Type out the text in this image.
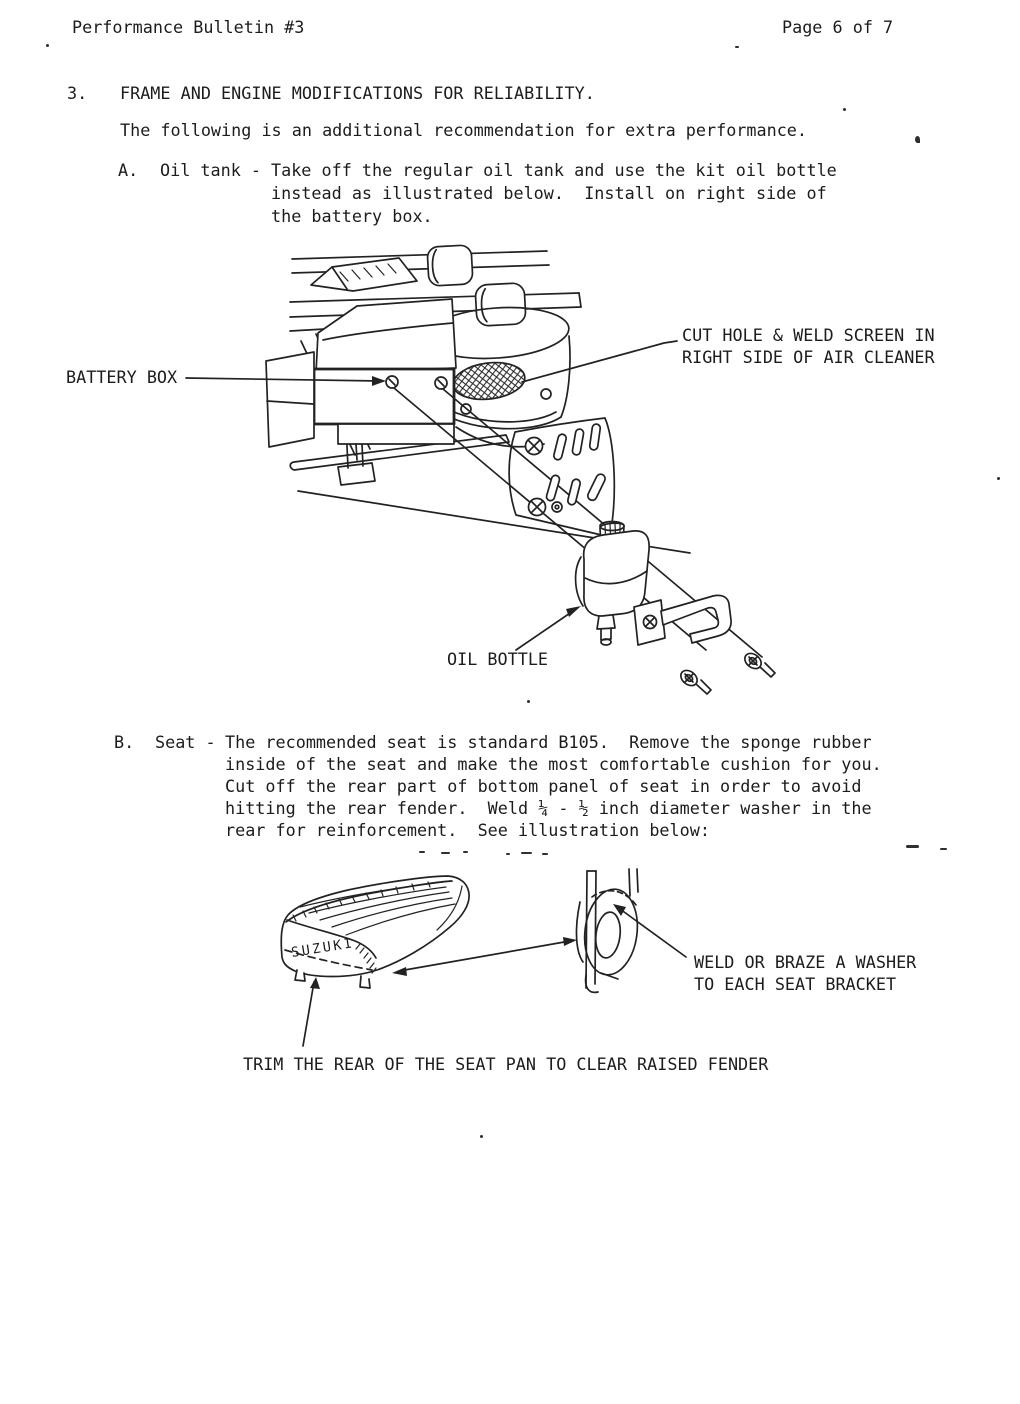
Performance Bulletin #3	Page 6 of 7
3. FRAME AND ENGINE MODIFICATIONS FOR RELIABILITY.
The following is an additional recommendation for extra performance.
A. Oil tank - Take off the regular oil tank and use the kit oil bottle
instead as illustrated below.  Install on right side of
the battery box.
BATTERY BOX
CUT HOLE & WELD SCREEN IN
RIGHT SIDE OF AIR CLEANER
OIL BOTTLE
B. Seat - The recommended seat is standard B105.  Remove the sponge rubber
inside of the seat and make the most comfortable cushion for you.
Cut off the rear part of bottom panel of seat in order to avoid
hitting the rear fender.  Weld ¼ - ½ inch diameter washer in the
rear for reinforcement.  See illustration below:
SUZUKI
WELD OR BRAZE A WASHER
TO EACH SEAT BRACKET
TRIM THE REAR OF THE SEAT PAN TO CLEAR RAISED FENDER
